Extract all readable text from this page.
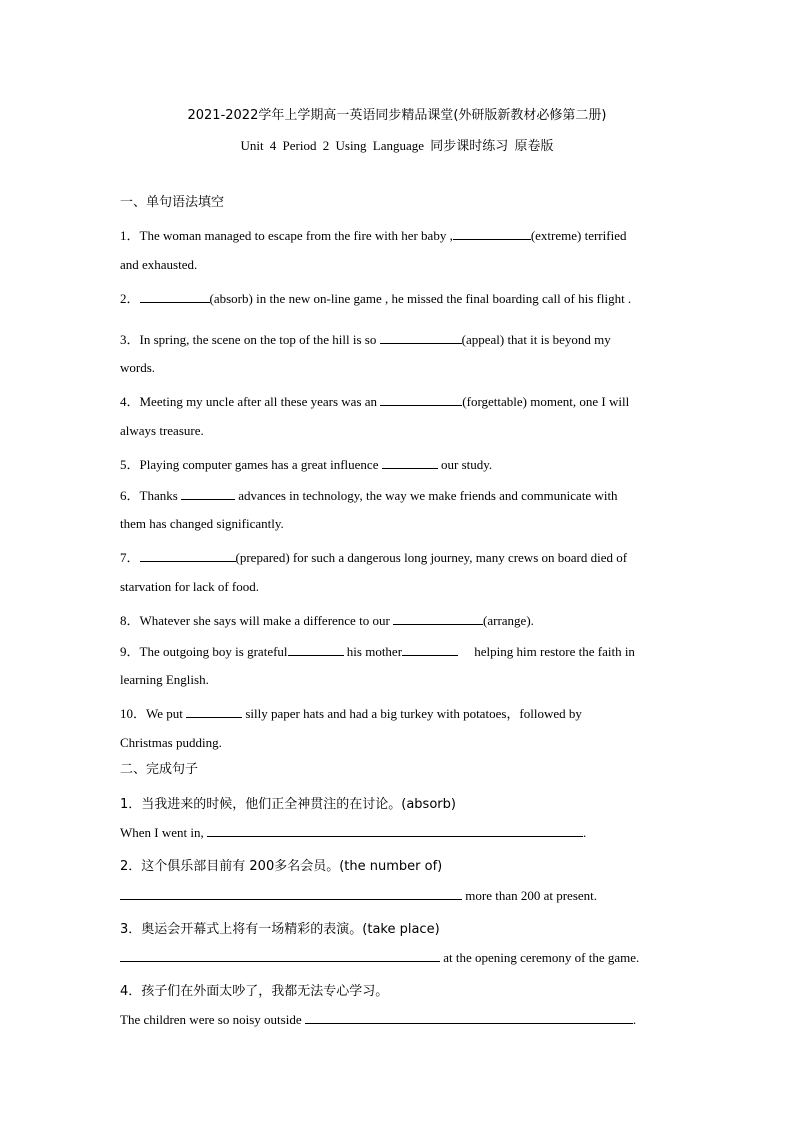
2021-2022学年上学期高一英语同步精品课堂(外研版新教材必修第二册)
Unit 4 Period 2 Using Language 同步课时练习 原卷版
一、单句语法填空
1．The woman managed to escape from the fire with her baby ,	(extreme) terrified
and exhausted.
2．	(absorb) in the new on-line game , he missed the final boarding call of his flight .
3．In spring, the scene on the top of the hill is so	(appeal) that it is beyond my
words.
4．Meeting my uncle after all these years was an	(forgettable) moment, one I will
always treasure.
5．Playing computer games has a great influence	our study.
6．Thanks	advances in technology, the way we make friends and communicate with
them has changed significantly.
7．	(prepared) for such a dangerous long journey, many crews on board died of
starvation for lack of food.
8．Whatever she says will make a difference to our	(arrange).
9．The outgoing boy is grateful	his mother	helping him restore the faith in
learning English.
10．We put	silly paper hats and had a big turkey with potatoes，followed by
Christmas pudding.
二、完成句子
1．当我进来的时候，他们正全神贯注的在讨论。(absorb)
When I went in,	.
2．这个俱乐部目前有 200多名会员。(the number of)
more than 200 at present.
3．奥运会开幕式上将有一场精彩的表演。(take place)
at the opening ceremony of the game.
4．孩子们在外面太吵了，我都无法专心学习。
The children were so noisy outside	.
